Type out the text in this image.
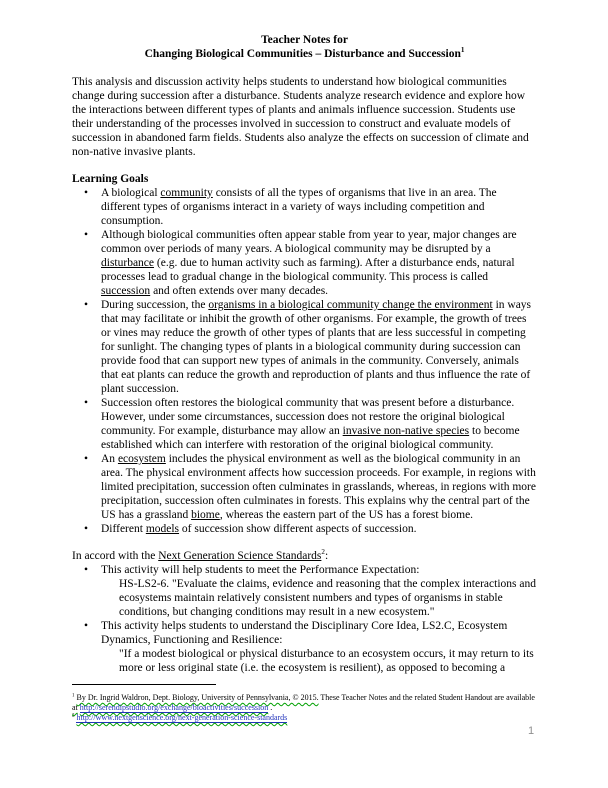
Teacher Notes for
Changing Biological Communities – Disturbance and Succession$^1$

This analysis and discussion activity helps students to understand how biological communities change during succession after a disturbance. Students analyze research evidence and explore how the interactions between different types of plants and animals influence succession. Students use their understanding of the processes involved in succession to construct and evaluate models of succession in abandoned farm fields. Students also analyze the effects on succession of climate and non-native invasive plants.

Learning Goals
• A biological community consists of all the types of organisms that live in an area. The different types of organisms interact in a variety of ways including competition and consumption.
• Although biological communities often appear stable from year to year, major changes are common over periods of many years. A biological community may be disrupted by a disturbance (e.g. due to human activity such as farming). After a disturbance ends, natural processes lead to gradual change in the biological community. This process is called succession and often extends over many decades.
• During succession, the organisms in a biological community change the environment in ways that may facilitate or inhibit the growth of other organisms. For example, the growth of trees or vines may reduce the growth of other types of plants that are less successful in competing for sunlight. The changing types of plants in a biological community during succession can provide food that can support new types of animals in the community. Conversely, animals that eat plants can reduce the growth and reproduction of plants and thus influence the rate of plant succession.
• Succession often restores the biological community that was present before a disturbance. However, under some circumstances, succession does not restore the original biological community. For example, disturbance may allow an invasive non-native species to become established which can interfere with restoration of the original biological community.
• An ecosystem includes the physical environment as well as the biological community in an area. The physical environment affects how succession proceeds. For example, in regions with limited precipitation, succession often culminates in grasslands, whereas, in regions with more precipitation, succession often culminates in forests. This explains why the central part of the US has a grassland biome, whereas the eastern part of the US has a forest biome.
• Different models of succession show different aspects of succession.

In accord with the Next Generation Science Standards$^2$:

• This activity will help students to meet the Performance Expectation:
HS-LS2-6. "Evaluate the claims, evidence and reasoning that the complex interactions and ecosystems maintain relatively consistent numbers and types of organisms in stable conditions, but changing conditions may result in a new ecosystem."
• This activity helps students to understand the Disciplinary Core Idea, LS2.C, Ecosystem Dynamics, Functioning and Resilience:
"If a modest biological or physical disturbance to an ecosystem occurs, it may return to its more or less original state (i.e. the ecosystem is resilient), as opposed to becoming a
$^1$ By Dr. Ingrid Waldron, Dept. Biology, University of Pennsylvania, © 2015. These Teacher Notes and the related Student Handout are available at http://serendipstudio.org/exchange/bioactivities/succession .
$^2$ http://www.nextgenscience.org/next-generation-science-standards
1
